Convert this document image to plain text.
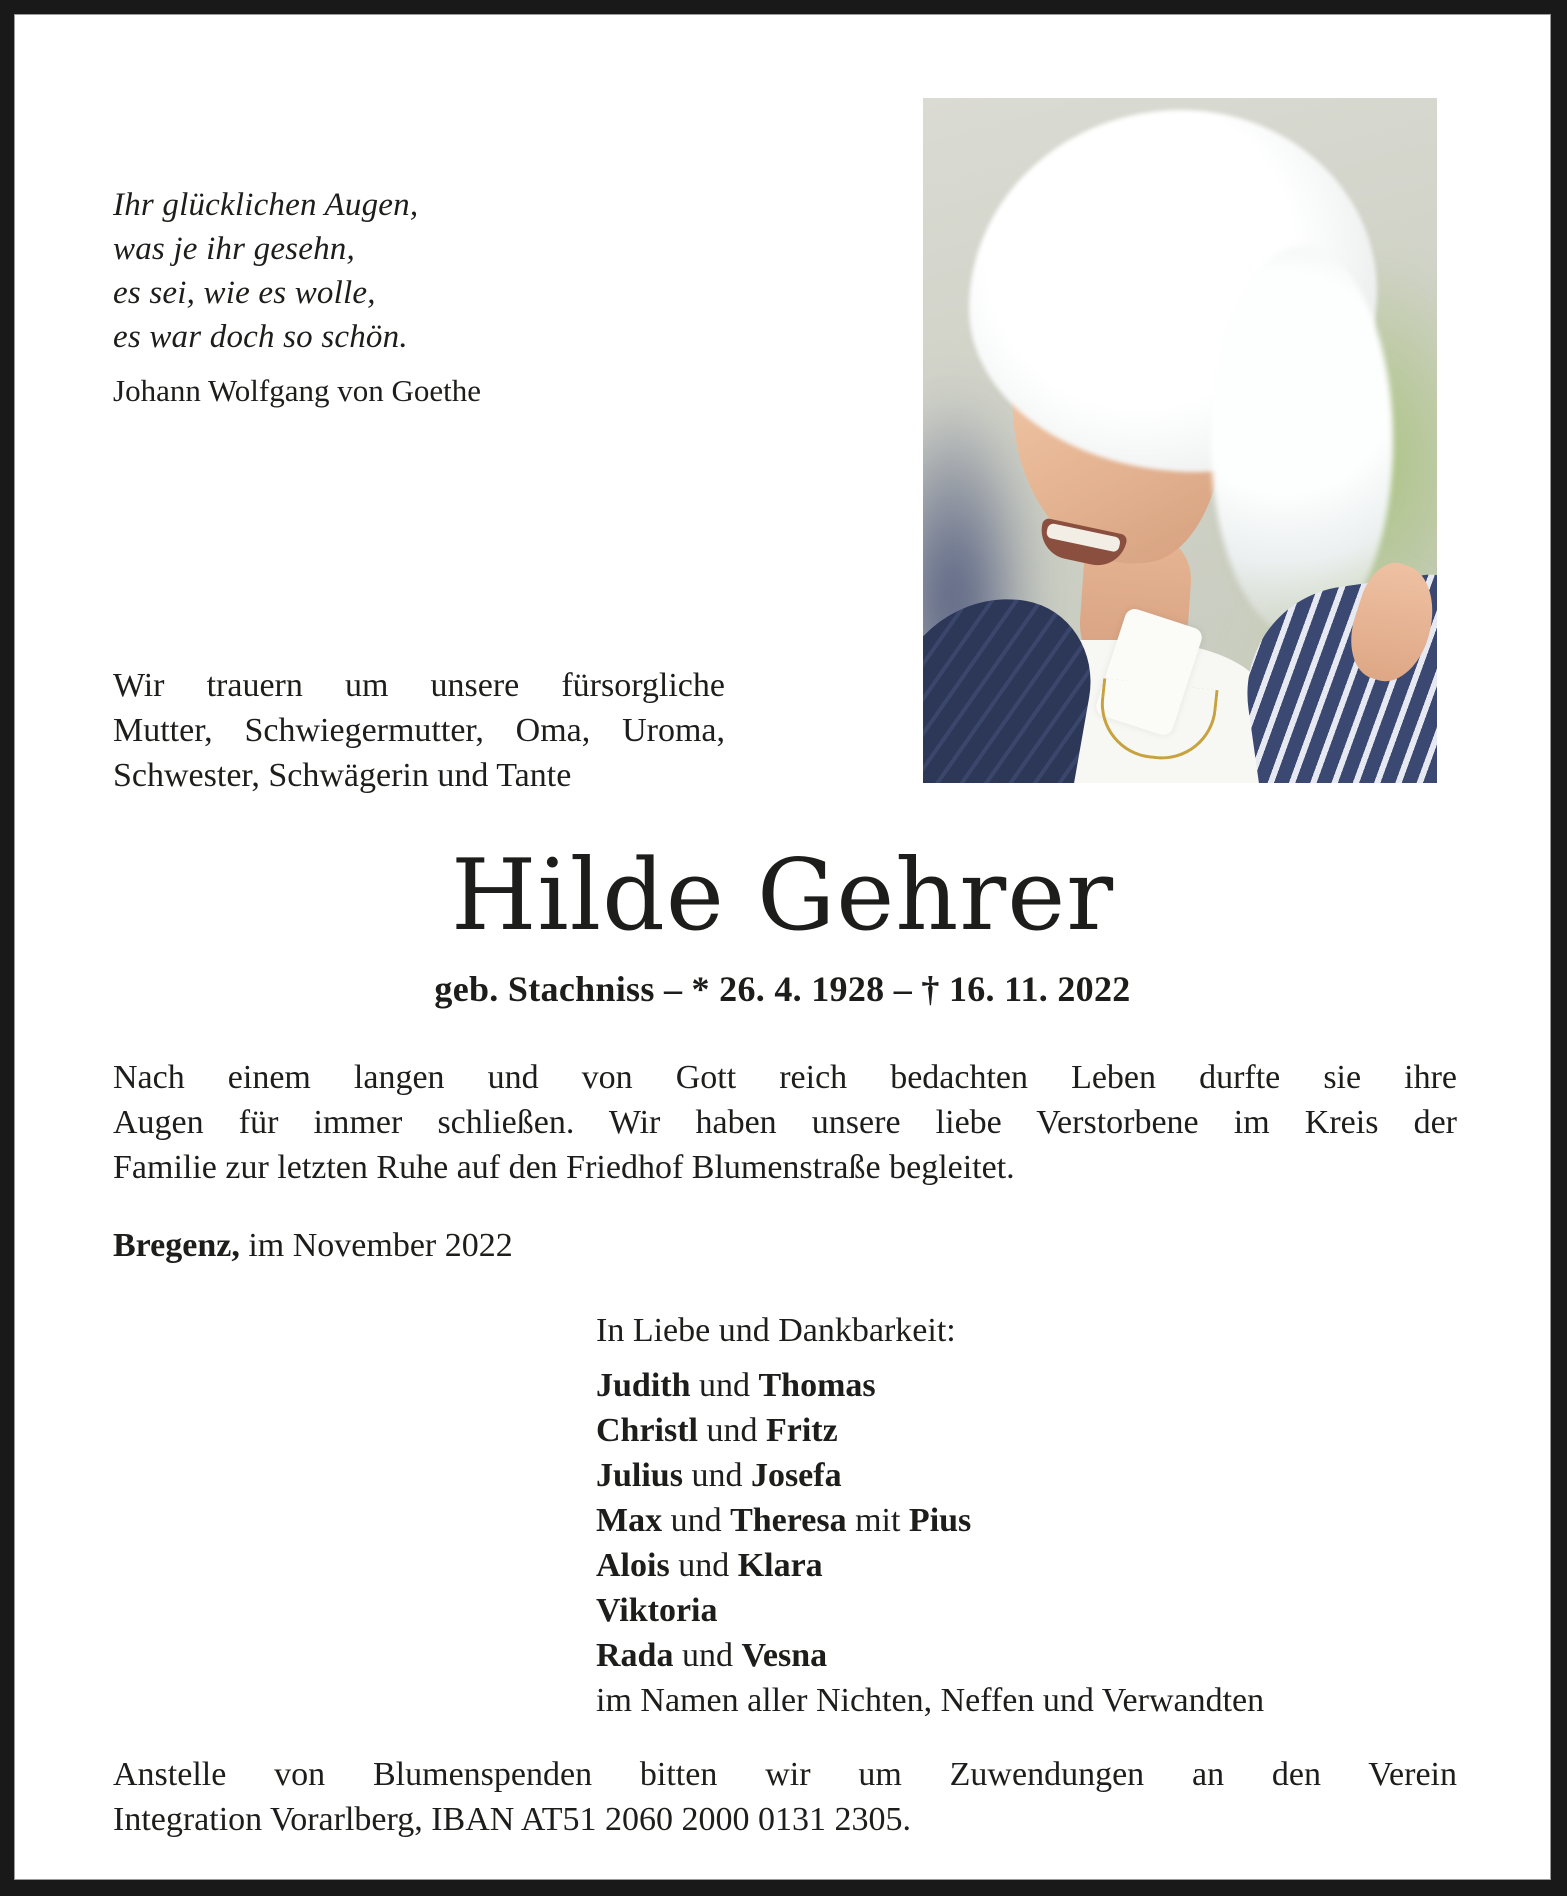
Ihr glücklichen Augen,
was je ihr gesehn,
es sei, wie es wolle,
es war doch so schön.
Johann Wolfgang von Goethe
Wir trauern um unsere fürsorgliche
Mutter, Schwiegermutter, Oma, Uroma,
Schwester, Schwägerin und Tante
Hilde Gehrer
geb. Stachniss – * 26. 4. 1928 – † 16. 11. 2022
Nach einem langen und von Gott reich bedachten Leben durfte sie ihre
Augen für immer schließen. Wir haben unsere liebe Verstorbene im Kreis der
Familie zur letzten Ruhe auf den Friedhof Blumenstraße begleitet.
Bregenz, im November 2022
In Liebe und Dankbarkeit:
Judith und Thomas
Christl und Fritz
Julius und Josefa
Max und Theresa mit Pius
Alois und Klara
Viktoria
Rada und Vesna
im Namen aller Nichten, Neffen und Verwandten
Anstelle von Blumenspenden bitten wir um Zuwendungen an den Verein
Integration Vorarlberg, IBAN AT51 2060 2000 0131 2305.
